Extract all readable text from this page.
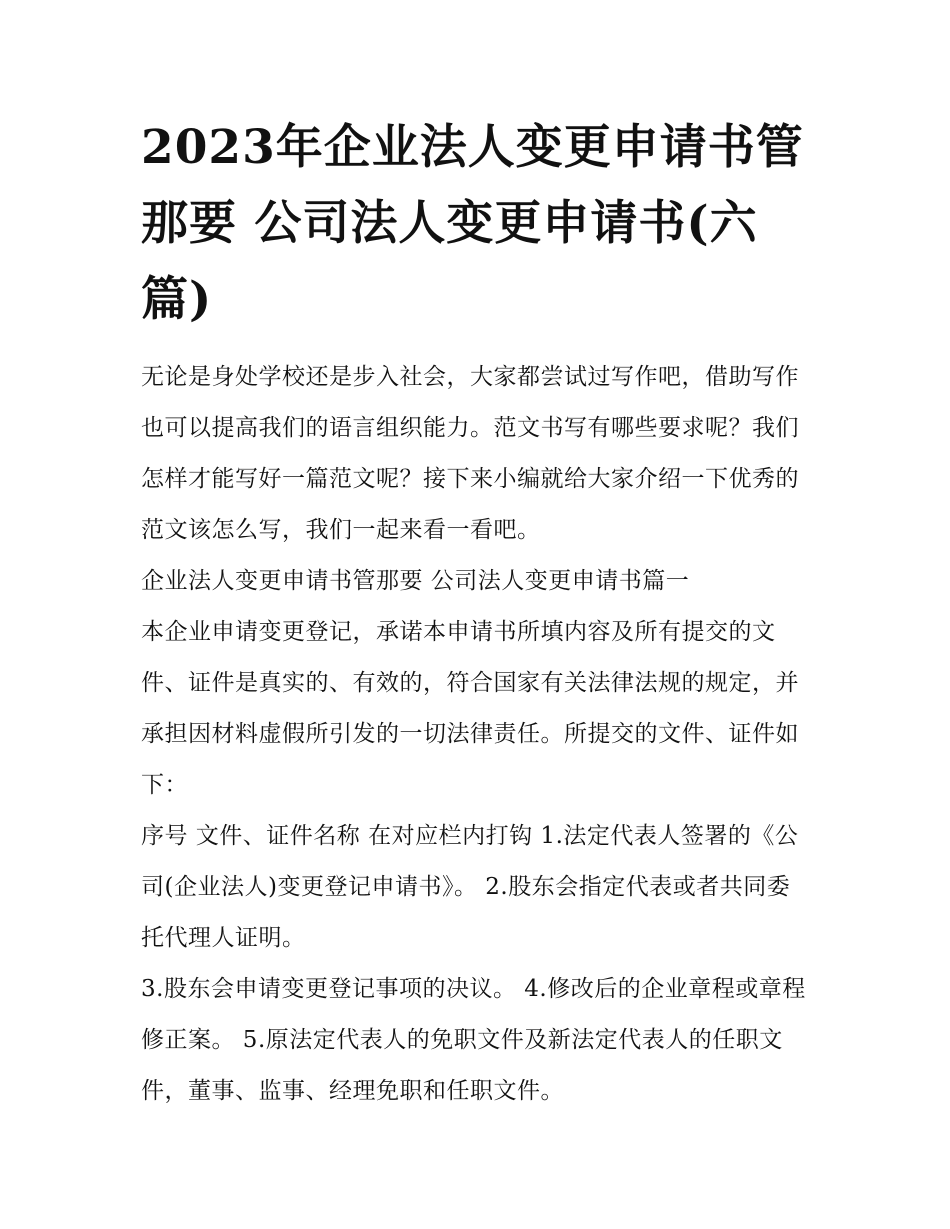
2023年企业法人变更申请书管那要 公司法人变更申请书(六篇)

无论是身处学校还是步入社会，大家都尝试过写作吧，借助写作也可以提高我们的语言组织能力。范文书写有哪些要求呢？我们怎样才能写好一篇范文呢？接下来小编就给大家介绍一下优秀的范文该怎么写，我们一起来看一看吧。

企业法人变更申请书管那要 公司法人变更申请书篇一

本企业申请变更登记，承诺本申请书所填内容及所有提交的文件、证件是真实的、有效的，符合国家有关法律法规的规定，并承担因材料虚假所引发的一切法律责任。所提交的文件、证件如下：

序号 文件、证件名称 在对应栏内打钩 1.法定代表人签署的《公司(企业法人)变更登记申请书》。 2.股东会指定代表或者共同委托代理人证明。

3.股东会申请变更登记事项的决议。 4.修改后的企业章程或章程修正案。 5.原法定代表人的免职文件及新法定代表人的任职文件，董事、监事、经理免职和任职文件。
